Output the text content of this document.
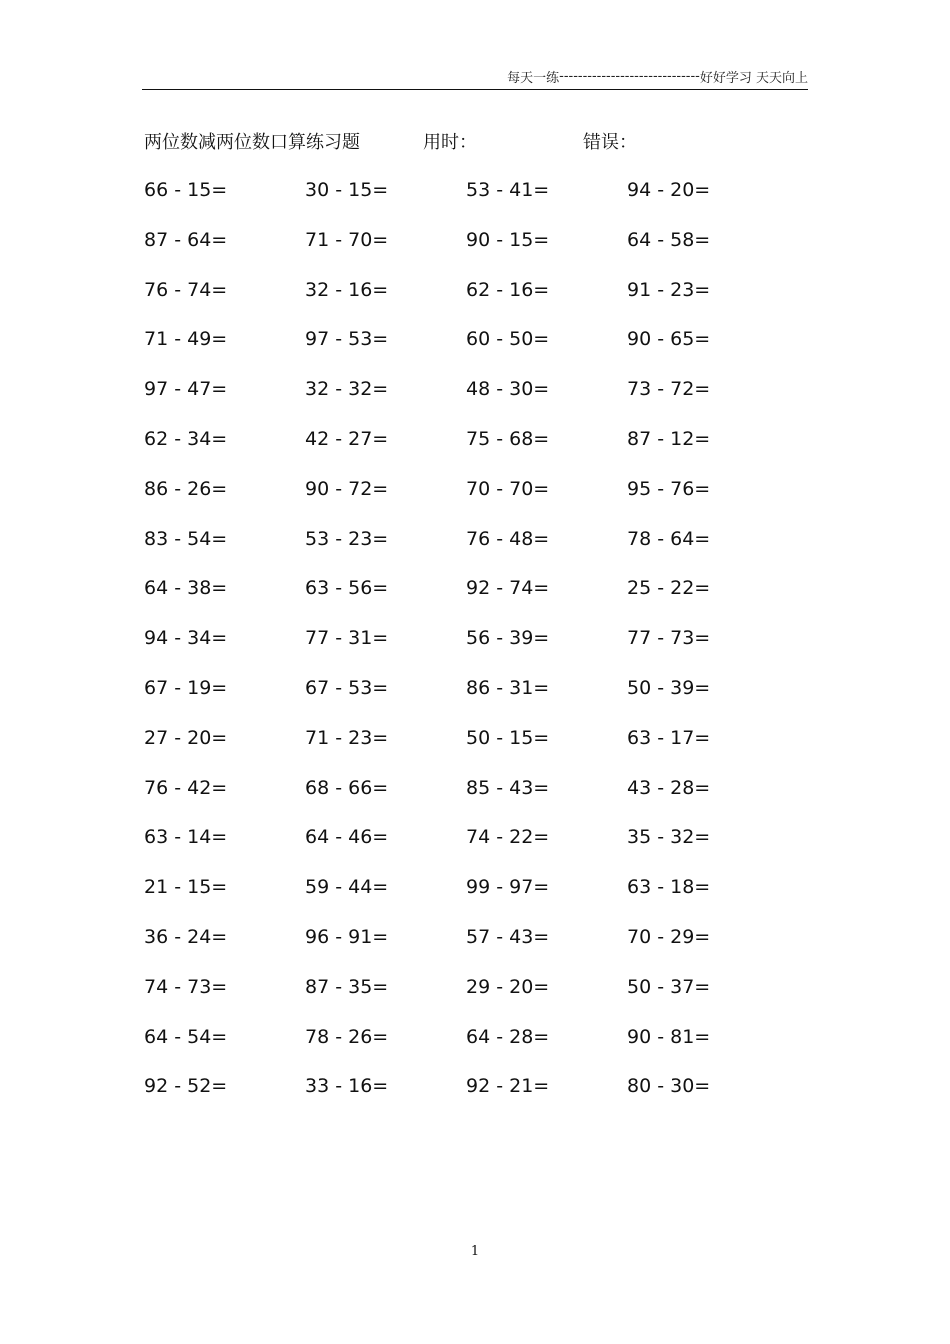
每天一练 ------------------------------ 好好学习 天天向上
两位数减两位数口算练习题	用时：	错误：
66 - 15=	30 - 15=	53 - 41=	94 - 20=
87 - 64=	71 - 70=	90 - 15=	64 - 58=
76 - 74=	32 - 16=	62 - 16=	91 - 23=
71 - 49=	97 - 53=	60 - 50=	90 - 65=
97 - 47=	32 - 32=	48 - 30=	73 - 72=
62 - 34=	42 - 27=	75 - 68=	87 - 12=
86 - 26=	90 - 72=	70 - 70=	95 - 76=
83 - 54=	53 - 23=	76 - 48=	78 - 64=
64 - 38=	63 - 56=	92 - 74=	25 - 22=
94 - 34=	77 - 31=	56 - 39=	77 - 73=
67 - 19=	67 - 53=	86 - 31=	50 - 39=
27 - 20=	71 - 23=	50 - 15=	63 - 17=
76 - 42=	68 - 66=	85 - 43=	43 - 28=
63 - 14=	64 - 46=	74 - 22=	35 - 32=
21 - 15=	59 - 44=	99 - 97=	63 - 18=
36 - 24=	96 - 91=	57 - 43=	70 - 29=
74 - 73=	87 - 35=	29 - 20=	50 - 37=
64 - 54=	78 - 26=	64 - 28=	90 - 81=
92 - 52=	33 - 16=	92 - 21=	80 - 30=
1
